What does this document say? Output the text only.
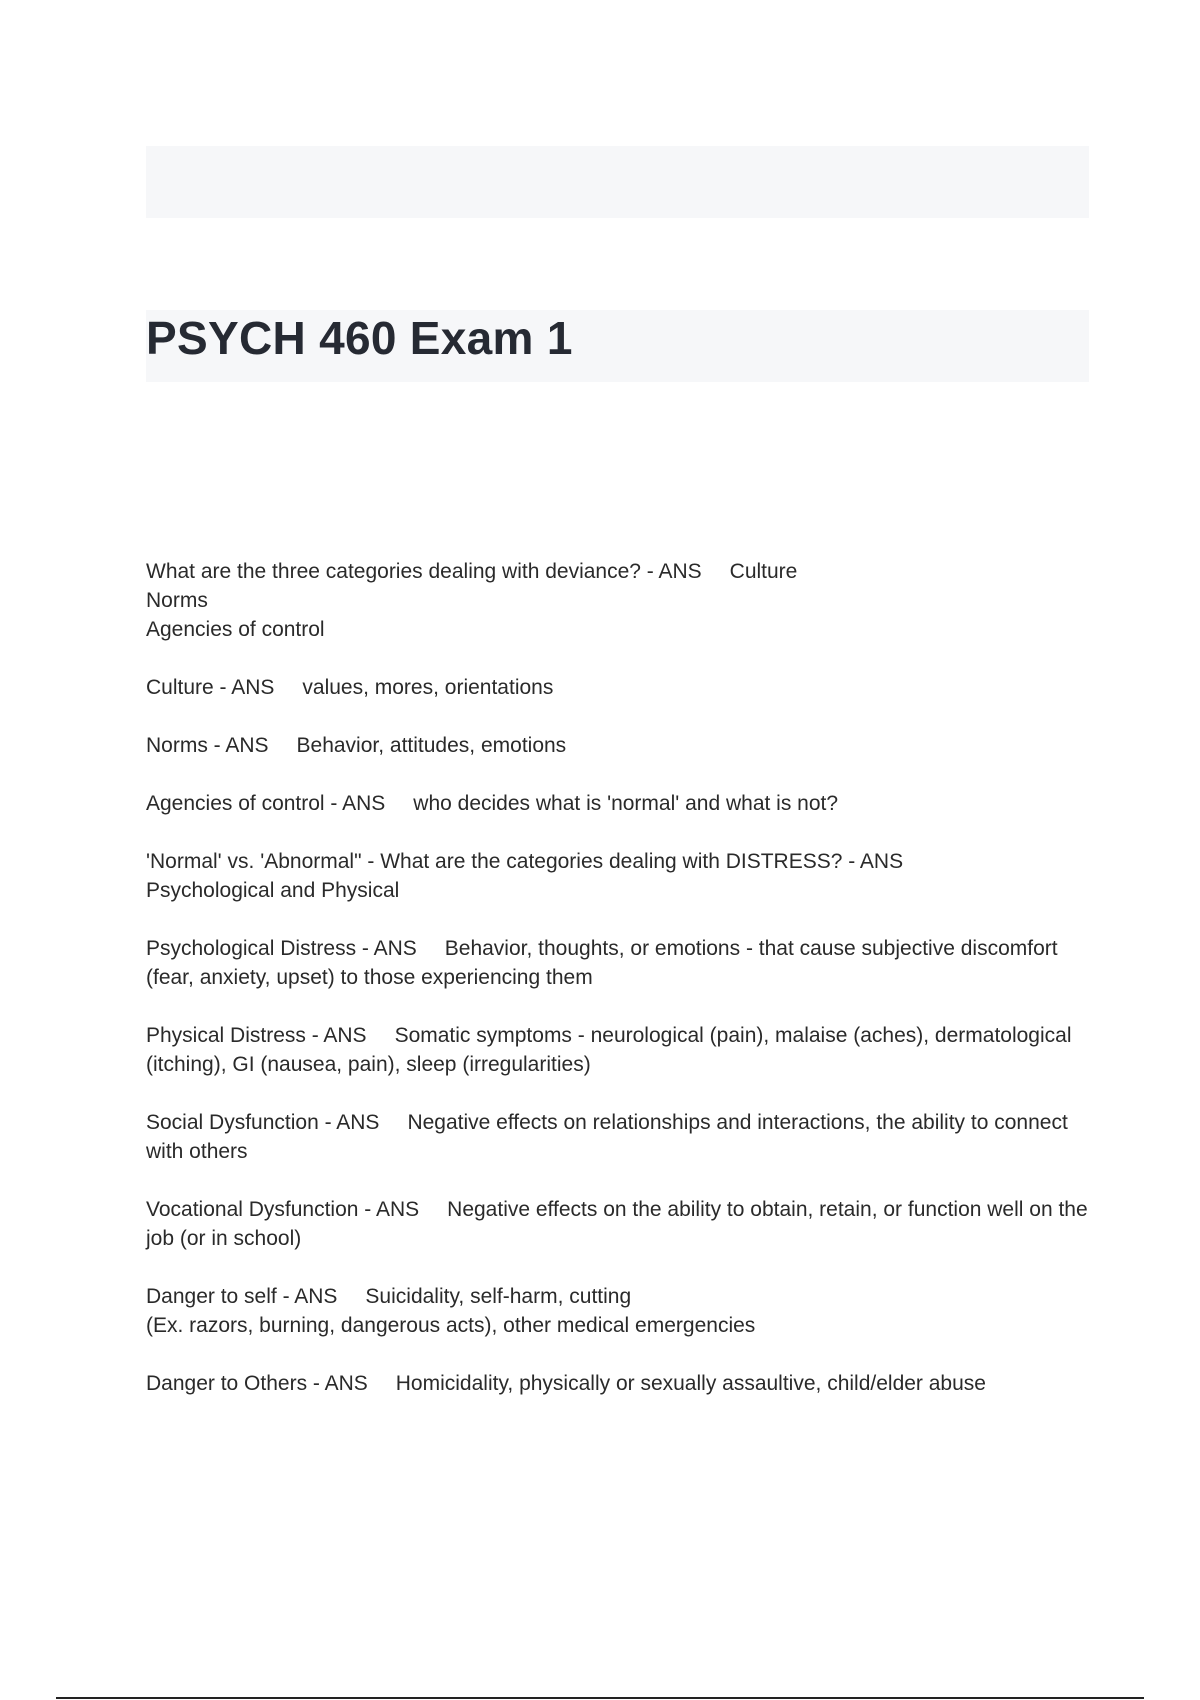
PSYCH 460 Exam 1
What are the three categories dealing with deviance? - ANS Culture
Norms
Agencies of control
Culture - ANS values, mores, orientations
Norms - ANS Behavior, attitudes, emotions
Agencies of control - ANS who decides what is 'normal' and what is not?
'Normal' vs. 'Abnormal" - What are the categories dealing with DISTRESS? - ANS
Psychological and Physical
Psychological Distress - ANS Behavior, thoughts, or emotions - that cause subjective discomfort (fear, anxiety, upset) to those experiencing them
Physical Distress - ANS Somatic symptoms - neurological (pain), malaise (aches), dermatological (itching), GI (nausea, pain), sleep (irregularities)
Social Dysfunction - ANS Negative effects on relationships and interactions, the ability to connect with others
Vocational Dysfunction - ANS Negative effects on the ability to obtain, retain, or function well on the job (or in school)
Danger to self - ANS Suicidality, self-harm, cutting
(Ex. razors, burning, dangerous acts), other medical emergencies
Danger to Others - ANS Homicidality, physically or sexually assaultive, child/elder abuse
